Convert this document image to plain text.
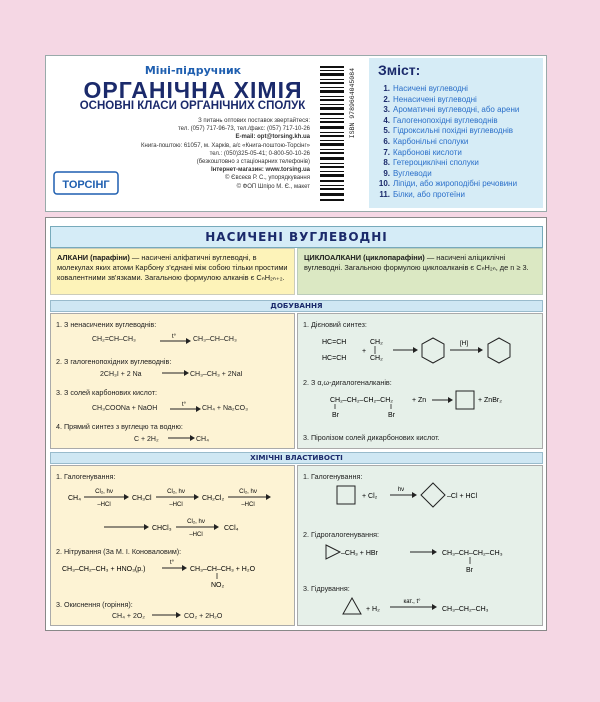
Міні-підручник
ОРГАНІЧНА ХІМІЯ
ОСНОВНІ КЛАСИ ОРГАНІЧНИХ СПОЛУК
З питань оптових поставок звертайтеся:
тел. (057) 717-96-73, тел./факс: (057) 717-10-26
E-mail: opt@torsing.kh.ua
Книга-поштою: 61057, м. Харків, а/с «Книга-поштою-Торсінг»
тел.: (050)325-05-41; 0-800-50-10-26
(безкоштовно з стаціонарних телефонів)
Інтернет-магазин: www.torsing.ua
© Євсеєв Р. С., упорядкування
© ФОП Шпіро М. Є., макет
ТОРСІНГ
ISBN 9789664045084 Зміст:
1. Насичені вуглеводні
2. Ненасичені вуглеводні
3. Ароматичні вуглеводні, або арени
4. Галогенопохідні вуглеводнів
5. Гідроксильні похідні вуглеводнів
6. Карбонільні сполуки
7. Карбонові кислоти
8. Гетероциклічні сполуки
9. Вуглеводи
10. Ліпіди, або жироподібні речовини
11. Білки, або протеїни
НАСИЧЕНІ ВУГЛЕВОДНІ
АЛКАНИ (парафіни) — насичені аліфатичні вуглеводні, в молекулах яких атоми Карбону з'єднані між собою тільки простими ковалентними зв'язками. Загальною формулою алканів є CₙH₂ₙ₊₂.
ЦИКЛОАЛКАНИ (циклопарафіни) — насичені аліциклічні вуглеводні. Загальною формулою циклоалканів є CₙH₂ₙ, де n ≥ 3.
ДОБУВАННЯ
1. З ненасичених вуглеводнів:
CH₂=CH–CH₃	t° CH₃–CH–CH₃
2. З галогенопохідних вуглеводнів:
2CH₃I + 2 Na → CH₃–CH₃ + 2NaI
3. З солей карбонових кислот:
CH₃COONa + NaOH	t° CH₄ + Na₂CO₃
4. Прямий синтез з вуглецю та водню:
C + 2H₂ → CH₄
1. Дієновий синтез:
HC=CH
HC=CH
CH₂
CH₂
+
[H]
2. З α,ω-дигалогеналканів:
CH₂–CH₂–CH₂–CH₂
Br	Br
+ Zn	+ ZnBr₂
3. Піролізом солей дикарбонових кислот.
ХІМІЧНІ ВЛАСТИВОСТІ
1. Галогенування:
CH₄
Cl₂, hν
–HCl
CH₃Cl
Cl₂, hν
–HCl
CH₂Cl₂
Cl₂, hν
–HCl
CHCl₃
Cl₂, hν
–HCl
CCl₄
2. Нітрування (За М. І. Коноваловим):
CH₃–CH₂–CH₃ + HNO₃(p.)
t°
CH₃–CH–CH₃ + H₂O
NO₂
3. Окиснення (горіння):
CH₄ + 2O₂ → CO₂ + 2H₂O
1. Галогенування:
+ Cl₂
hν
–Cl + HCl
2. Гідрогалогенування:
–CH₃ + HBr	CH₃–CH–CH₂–CH₃
Br
3. Гідрування:
+ H₂
кат., t°
CH₃–CH₂–CH₃
